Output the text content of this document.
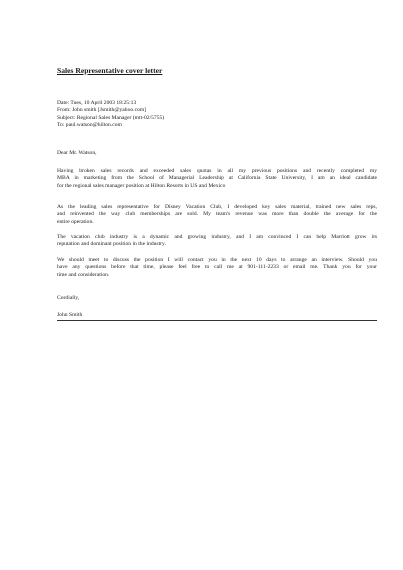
Sales Representative cover letter
Date: Tues, 10 April 2003 18:25:13
From: John smith [Jsmith@yahoo.com]
Subject: Regional Sales Manager (mtt-02/5755)
To: paul.watson@hilton.com
Dear Mr. Watson,
Having broken sales records and exceeded sales quotas in all my previous positions and recently completed my
MBA in marketing from the School of Managerial Leadership at California State University, I am an ideal candidate
for the regional sales manager position at Hilton Resorts in US and Mexico
As the leading sales representative for Disney Vacation Club, I developed key sales material, trained new sales reps,
and reinvented the way club memberships are sold. My team's revenue was more than double the average for the
entire operation.
The vacation club industry is a dynamic and growing industry, and I am convinced I can help Marriott grow its
reputation and dominant position in the industry.
We should meet to discuss the position I will contact you in the next 10 days to arrange an interview. Should you
have any questions before that time, please feel free to call me at 901-111-2233 or email me. Thank you for your
time and consideration.
Cordially,
John Smith
